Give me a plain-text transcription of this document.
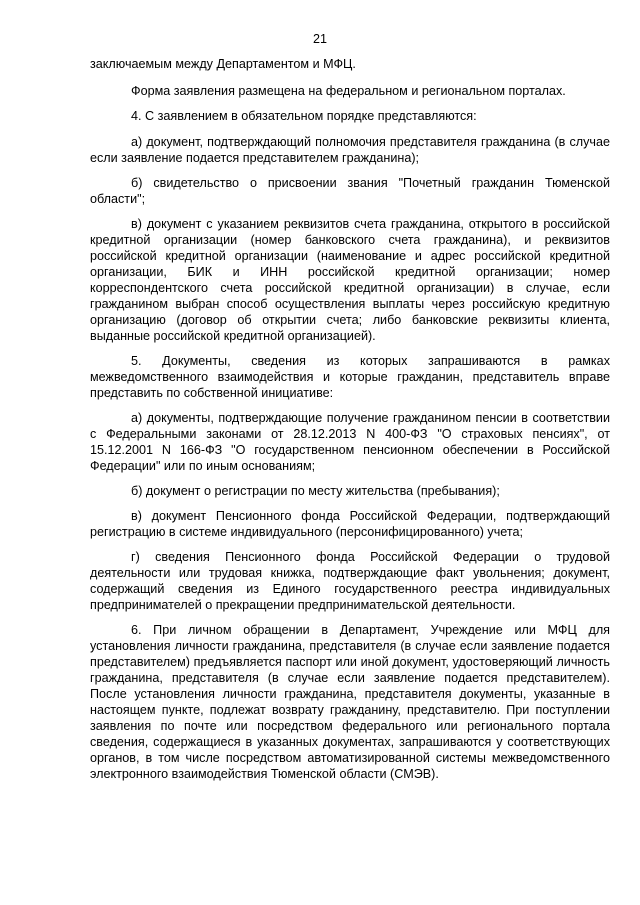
21

заключаемым между Департаментом и МФЦ.

Форма заявления размещена на федеральном и региональном порталах.

4. С заявлением в обязательном порядке представляются:

а) документ, подтверждающий полномочия представителя гражданина (в случае если заявление подается представителем гражданина);

б) свидетельство о присвоении звания "Почетный гражданин Тюменской области";

в) документ с указанием реквизитов счета гражданина, открытого в российской кредитной организации (номер банковского счета гражданина), и реквизитов российской кредитной организации (наименование и адрес российской кредитной организации, БИК и ИНН российской кредитной организации; номер корреспондентского счета российской кредитной организации) в случае, если гражданином выбран способ осуществления выплаты через российскую кредитную организацию (договор об открытии счета; либо банковские реквизиты клиента, выданные российской кредитной организацией).

5. Документы, сведения из которых запрашиваются в рамках межведомственного взаимодействия и которые гражданин, представитель вправе представить по собственной инициативе:

а) документы, подтверждающие получение гражданином пенсии в соответствии с Федеральными законами от 28.12.2013 N 400-ФЗ "О страховых пенсиях", от 15.12.2001 N 166-ФЗ "О государственном пенсионном обеспечении в Российской Федерации" или по иным основаниям;

б) документ о регистрации по месту жительства (пребывания);

в) документ Пенсионного фонда Российской Федерации, подтверждающий регистрацию в системе индивидуального (персонифицированного) учета;

г) сведения Пенсионного фонда Российской Федерации о трудовой деятельности или трудовая книжка, подтверждающие факт увольнения; документ, содержащий сведения из Единого государственного реестра индивидуальных предпринимателей о прекращении предпринимательской деятельности.

6. При личном обращении в Департамент, Учреждение или МФЦ для установления личности гражданина, представителя (в случае если заявление подается представителем) предъявляется паспорт или иной документ, удостоверяющий личность гражданина, представителя (в случае если заявление подается представителем). После установления личности гражданина, представителя документы, указанные в настоящем пункте, подлежат возврату гражданину, представителю. При поступлении заявления по почте или посредством федерального или регионального портала сведения, содержащиеся в указанных документах, запрашиваются у соответствующих органов, в том числе посредством автоматизированной системы межведомственного электронного взаимодействия Тюменской области (СМЭВ).
